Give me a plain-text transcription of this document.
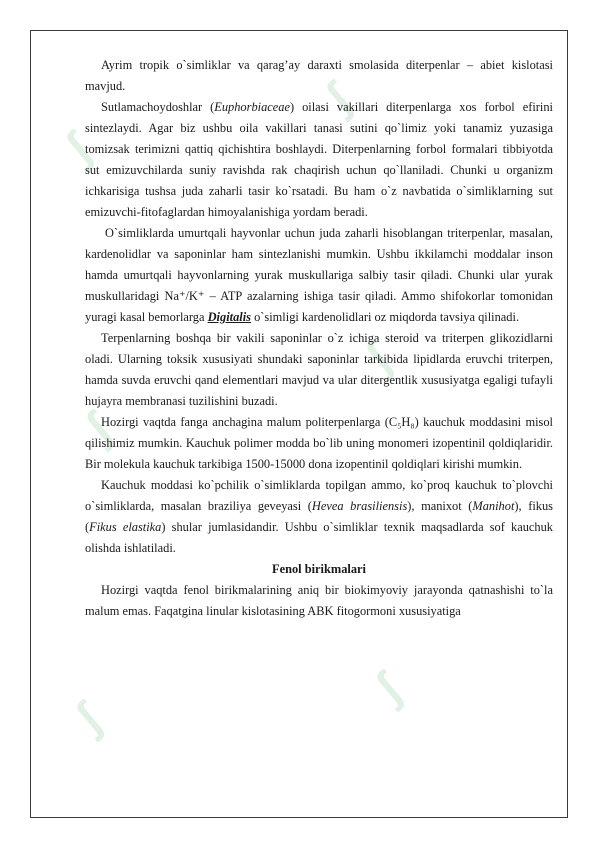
ʃ
ʃ
ʃ
ʃ
ʃ
ʃ

Ayrim tropik o`simliklar va qarag’ay daraxti smolasida diterpenlar – abiet kislotasi mavjud.

Sutlamachoydoshlar (Euphorbiaceae) oilasi vakillari diterpenlarga xos forbol efirini sintezlaydi. Agar biz ushbu oila vakillari tanasi sutini qo`limiz yoki tanamiz yuzasiga tomizsak terimizni qattiq qichishtira boshlaydi. Diterpenlarning forbol formalari tibbiyotda sut emizuvchilarda suniy ravishda rak chaqirish uchun qo`llaniladi. Chunki u organizm ichkarisiga tushsa juda zaharli tasir ko`rsatadi. Bu ham o`z navbatida o`simliklarning sut emizuvchi-fitofaglardan himoyalanishiga yordam beradi.

O`simliklarda umurtqali hayvonlar uchun juda zaharli hisoblangan triterpenlar, masalan, kardenolidlar va saponinlar ham sintezlanishi mumkin. Ushbu ikkilamchi moddalar inson hamda umurtqali hayvonlarning yurak muskullariga salbiy tasir qiladi. Chunki ular yurak muskullaridagi Na⁺/K⁺ – ATP azalarning ishiga tasir qiladi. Ammo shifokorlar tomonidan yuragi kasal bemorlarga Digitalis o`simligi kardenolidlari oz miqdorda tavsiya qilinadi.

Terpenlarning boshqa bir vakili saponinlar o`z ichiga steroid va triterpen glikozidlarni oladi. Ularning toksik xususiyati shundaki saponinlar tarkibida lipidlarda eruvchi triterpen, hamda suvda eruvchi qand elementlari mavjud va ular ditergentlik xususiyatga egaligi tufayli hujayra membranasi tuzilishini buzadi.

Hozirgi vaqtda fanga anchagina malum politerpenlarga (C₅H₈) kauchuk moddasini misol qilishimiz mumkin. Kauchuk polimer modda bo`lib uning monomeri izopentinil qoldiqlaridir. Bir molekula kauchuk tarkibiga 1500-15000 dona izopentinil qoldiqlari kirishi mumkin.

Kauchuk moddasi ko`pchilik o`simliklarda topilgan ammo, ko`proq kauchuk to`plovchi o`simliklarda, masalan braziliya geveyasi (Hevea brasiliensis), manixot (Manihot), fikus (Fikus elastika) shular jumlasidandir. Ushbu o`simliklar texnik maqsadlarda sof kauchuk olishda ishlatiladi.

Fenol birikmalari

Hozirgi vaqtda fenol birikmalarining aniq bir biokimyoviy jarayonda qatnashishi to`la malum emas. Faqatgina linular kislotasining ABK fitogormoni xususiyatiga
